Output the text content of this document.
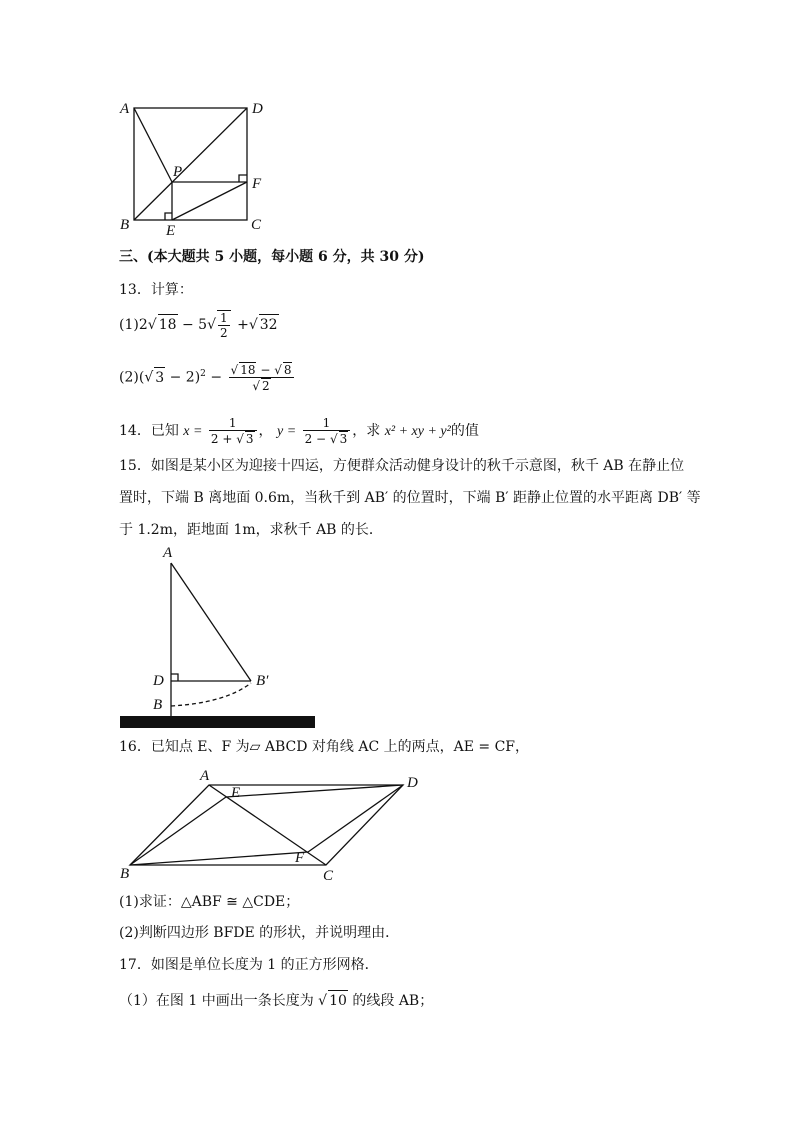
A	D
P
F
B E	C
三、(本大题共 5 小题，每小题 6 分，共 30 分)
13．计算：
(1)2√ $18 - 5√ \frac{1}{2}$ +√ 32
(2)(√ $3 - 2)^2 - \frac{√ 18 - √ 8}{√ 2}$
14．已知 $x = \frac{1}{2 + √ 3}$ ， $y = \frac{1}{2 - √ 3}$ ，求 x² + xy + y²的值
15．如图是某小区为迎接十四运，方便群众活动健身设计的秋千示意图，秋千 AB 在静止位
置时，下端 B 离地面 0.6m，当秋千到 AB′ 的位置时，下端 B′ 距静止位置的水平距离 DB′ 等
于 1.2m，距地面 1m，求秋千 AB 的长．
A
D	B′
B
16．已知点 E、F 为▱ ABCD 对角线 AC 上的两点，AE = CF，
A
E
D
B
F
C
(1)求证：△ABF ≅ △CDE；
(2)判断四边形 BFDE 的形状，并说明理由．
17．如图是单位长度为 1 的正方形网格．
（1）在图 1 中画出一条长度为 √ 10 的线段 AB；
